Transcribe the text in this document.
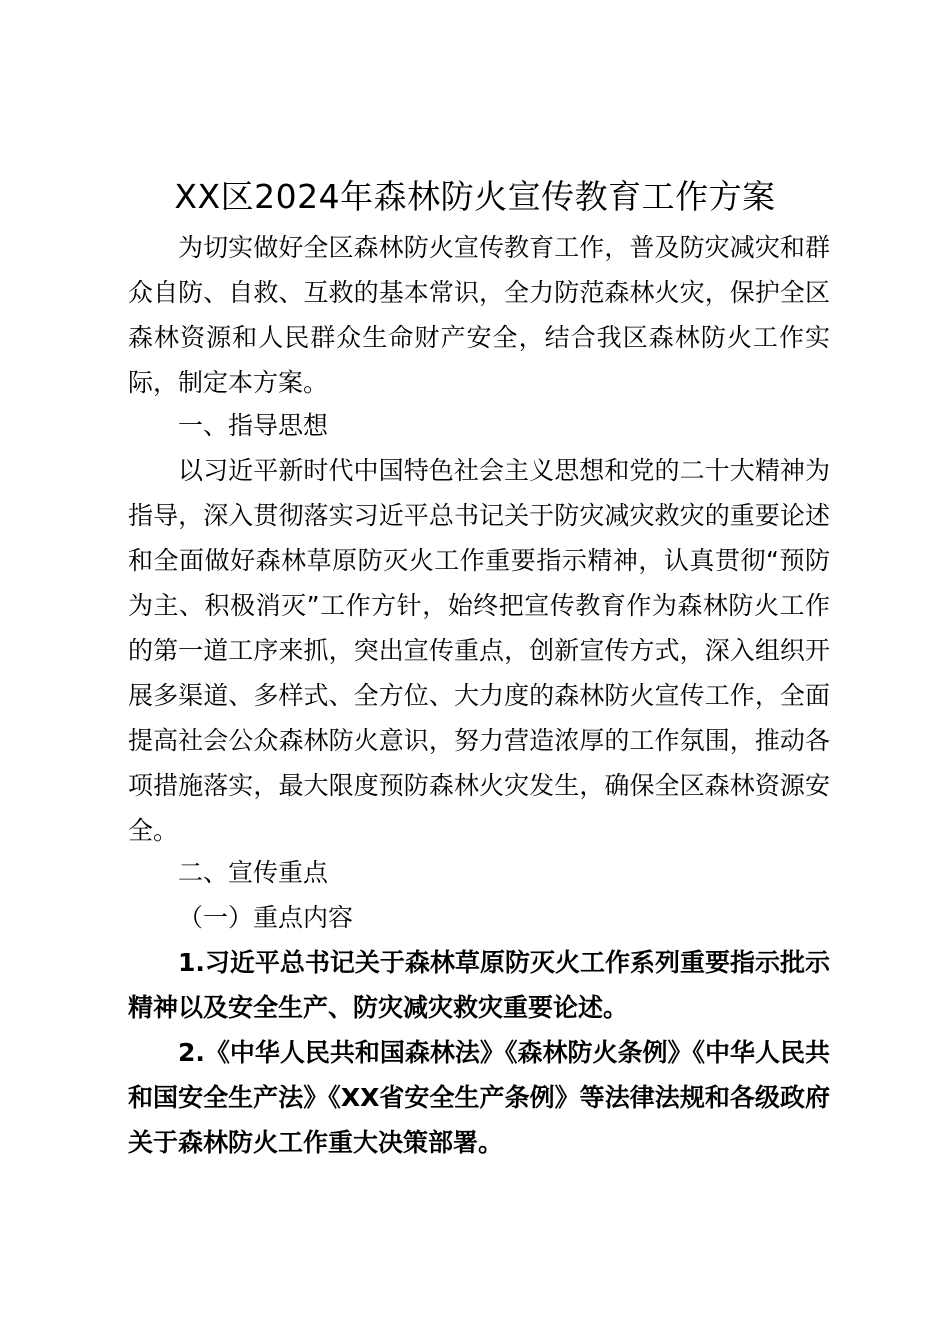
XX区2024年森林防火宣传教育工作方案

为切实做好全区森林防火宣传教育工作，普及防灾减灾和群众自防、自救、互救的基本常识，全力防范森林火灾，保护全区森林资源和人民群众生命财产安全，结合我区森林防火工作实际，制定本方案。

一、指导思想

以习近平新时代中国特色社会主义思想和党的二十大精神为指导，深入贯彻落实习近平总书记关于防灾减灾救灾的重要论述和全面做好森林草原防灭火工作重要指示精神，认真贯彻“预防为主、积极消灭”工作方针，始终把宣传教育作为森林防火工作的第一道工序来抓，突出宣传重点，创新宣传方式，深入组织开展多渠道、多样式、全方位、大力度的森林防火宣传工作，全面提高社会公众森林防火意识，努力营造浓厚的工作氛围，推动各项措施落实，最大限度预防森林火灾发生，确保全区森林资源安全。

二、宣传重点

（一）重点内容

1.习近平总书记关于森林草原防灭火工作系列重要指示批示精神以及安全生产、防灾减灾救灾重要论述。

2.《中华人民共和国森林法》《森林防火条例》《中华人民共和国安全生产法》《XX省安全生产条例》等法律法规和各级政府关于森林防火工作重大决策部署。
